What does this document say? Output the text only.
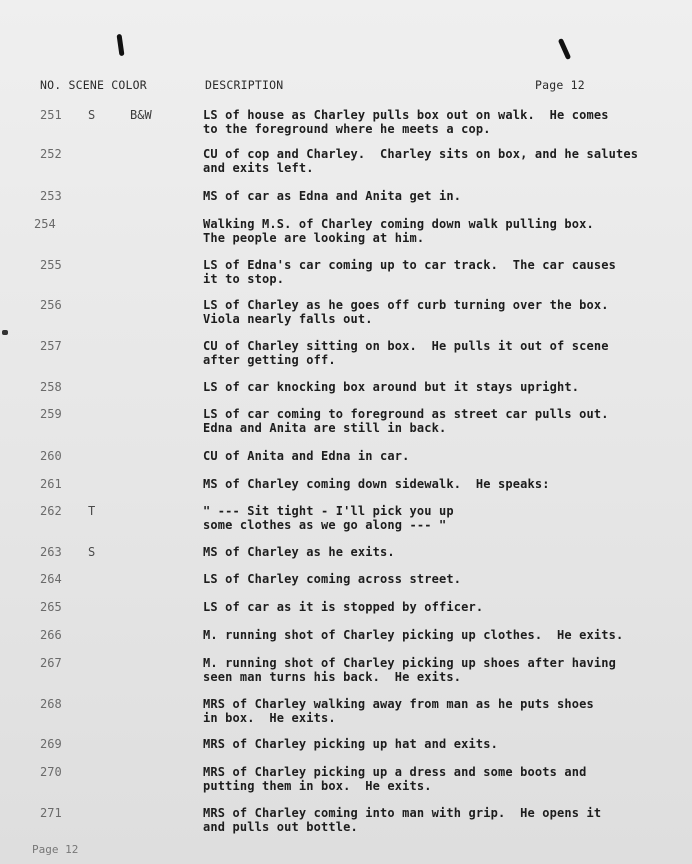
NO. SCENE COLOR	DESCRIPTION	Page 12
251 S	B&W	LS of house as Charley pulls box out on walk.  He comes
to the foreground where he meets a cop.
252	CU of cop and Charley.  Charley sits on box, and he salutes
and exits left.
253	MS of car as Edna and Anita get in.
254	Walking M.S. of Charley coming down walk pulling box.
The people are looking at him.
255	LS of Edna's car coming up to car track.  The car causes
it to stop.
256	LS of Charley as he goes off curb turning over the box.
Viola nearly falls out.
257	CU of Charley sitting on box.  He pulls it out of scene
after getting off.
258	LS of car knocking box around but it stays upright.
259	LS of car coming to foreground as street car pulls out.
Edna and Anita are still in back.
260	CU of Anita and Edna in car.
261	MS of Charley coming down sidewalk.  He speaks:
262 T	" --- Sit tight - I'll pick you up
some clothes as we go along --- "
263 S	MS of Charley as he exits.
264	LS of Charley coming across street.
265	LS of car as it is stopped by officer.
266	M. running shot of Charley picking up clothes.  He exits.
267	M. running shot of Charley picking up shoes after having
seen man turns his back.  He exits.
268	MRS of Charley walking away from man as he puts shoes
in box.  He exits.
269	MRS of Charley picking up hat and exits.
270	MRS of Charley picking up a dress and some boots and
putting them in box.  He exits.
271	MRS of Charley coming into man with grip.  He opens it
and pulls out bottle.
Page 12
